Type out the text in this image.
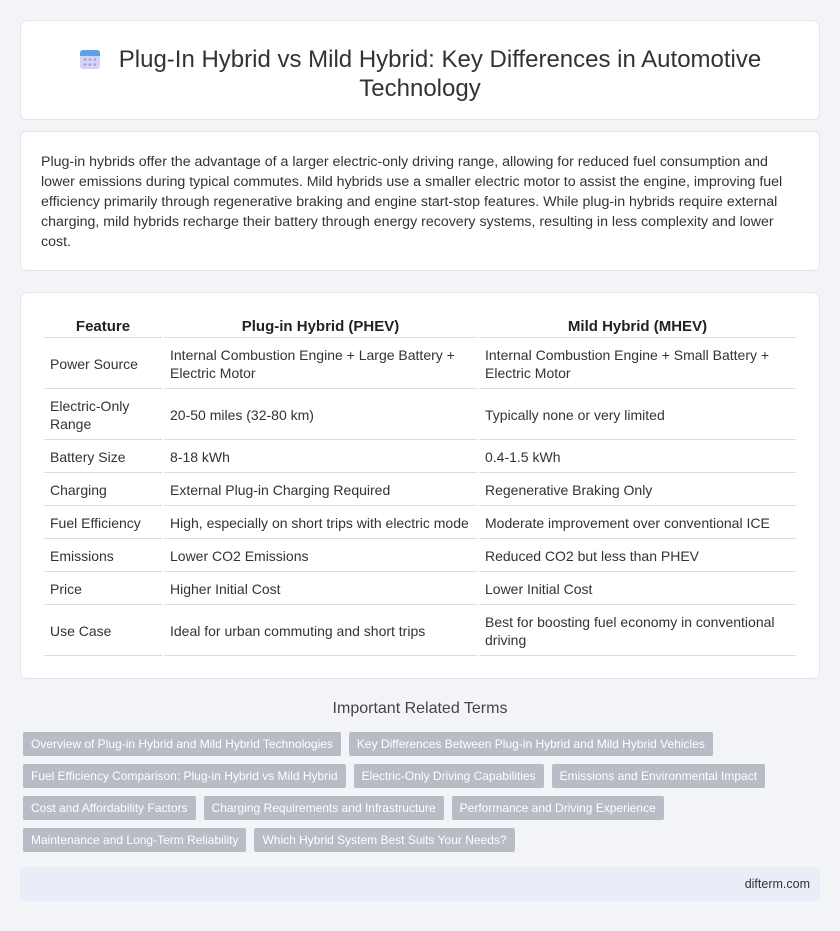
Plug-In Hybrid vs Mild Hybrid: Key Differences in Automotive Technology

Plug-in hybrids offer the advantage of a larger electric-only driving range, allowing for reduced fuel consumption and lower emissions during typical commutes. Mild hybrids use a smaller electric motor to assist the engine, improving fuel efficiency primarily through regenerative braking and engine start-stop features. While plug-in hybrids require external charging, mild hybrids recharge their battery through energy recovery systems, resulting in less complexity and lower cost.

Feature	Plug-in Hybrid (PHEV)	Mild Hybrid (MHEV)
Power Source	Internal Combustion Engine + Large Battery + Electric Motor	Internal Combustion Engine + Small Battery + Electric Motor
Electric-Only Range	20-50 miles (32-80 km)	Typically none or very limited
Battery Size	8-18 kWh	0.4-1.5 kWh
Charging	External Plug-in Charging Required	Regenerative Braking Only
Fuel Efficiency	High, especially on short trips with electric mode	Moderate improvement over conventional ICE
Emissions	Lower CO2 Emissions	Reduced CO2 but less than PHEV
Price	Higher Initial Cost	Lower Initial Cost
Use Case	Ideal for urban commuting and short trips	Best for boosting fuel economy in conventional driving
Important Related Terms
Overview of Plug-in Hybrid and Mild Hybrid Technologies	Key Differences Between Plug-in Hybrid and Mild Hybrid Vehicles
Fuel Efficiency Comparison: Plug-in Hybrid vs Mild Hybrid	Electric-Only Driving Capabilities	Emissions and Environmental Impact
Cost and Affordability Factors	Charging Requirements and Infrastructure	Performance and Driving Experience
Maintenance and Long-Term Reliability	Which Hybrid System Best Suits Your Needs?
difterm.com
